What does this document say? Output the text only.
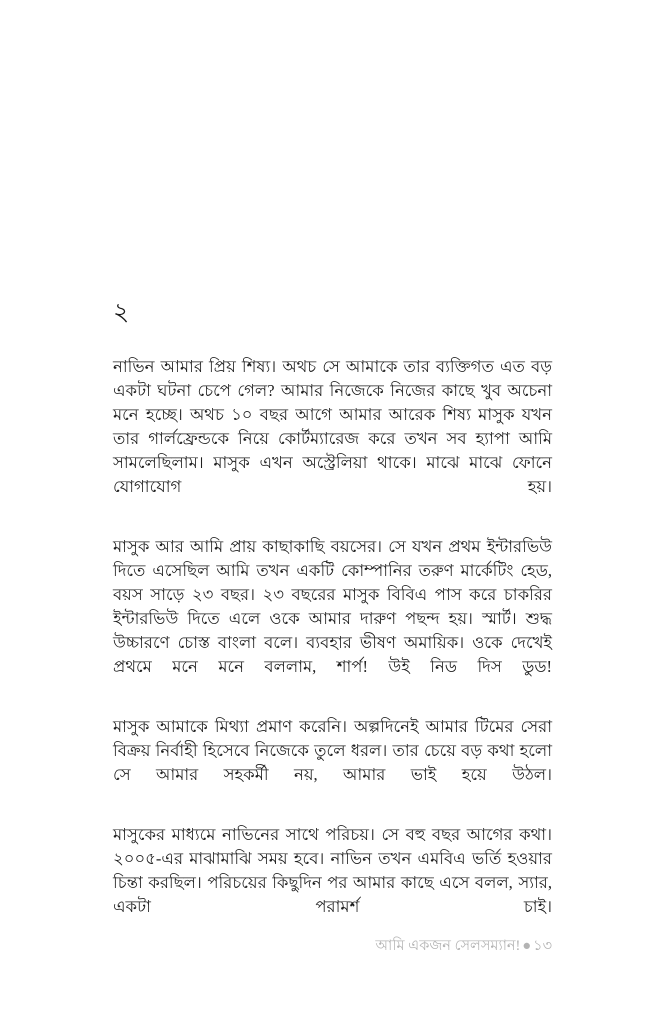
২

নাভিন আমার প্রিয় শিষ্য। অথচ সে আমাকে তার ব্যক্তিগত এত বড় একটা ঘটনা চেপে গেল? আমার নিজেকে নিজের কাছে খুব অচেনা মনে হচ্ছে। অথচ ১০ বছর আগে আমার আরেক শিষ্য মাসুক যখন তার গার্লফ্রেন্ডকে নিয়ে কোর্টম্যারেজ করে তখন সব হ্যাপা আমি সামলেছিলাম। মাসুক এখন অস্ট্রেলিয়া থাকে। মাঝে মাঝে ফোনে যোগাযোগ হয়।

মাসুক আর আমি প্রায় কাছাকাছি বয়সের। সে যখন প্রথম ইন্টারভিউ দিতে এসেছিল আমি তখন একটি কোম্পানির তরুণ মার্কেটিং হেড, বয়স সাড়ে ২৩ বছর। ২৩ বছরের মাসুক বিবিএ পাস করে চাকরির ইন্টারভিউ দিতে এলে ওকে আমার দারুণ পছন্দ হয়। স্মার্ট। শুদ্ধ উচ্চারণে চোস্ত বাংলা বলে। ব্যবহার ভীষণ অমায়িক। ওকে দেখেই প্রথমে মনে মনে বললাম, শার্প! উই নিড দিস ডুড!

মাসুক আমাকে মিথ্যা প্রমাণ করেনি। অল্পদিনেই আমার টিমের সেরা বিক্রয় নির্বাহী হিসেবে নিজেকে তুলে ধরল। তার চেয়ে বড় কথা হলো সে আমার সহকর্মী নয়, আমার ভাই হয়ে উঠল।

মাসুকের মাধ্যমে নাভিনের সাথে পরিচয়। সে বহু বছর আগের কথা। ২০০৫-এর মাঝামাঝি সময় হবে। নাভিন তখন এমবিএ ভর্তি হওয়ার চিন্তা করছিল। পরিচয়ের কিছুদিন পর আমার কাছে এসে বলল, স্যার, একটা পরামর্শ চাই।

আমি একজন সেলসম্যান! ● ১৩
